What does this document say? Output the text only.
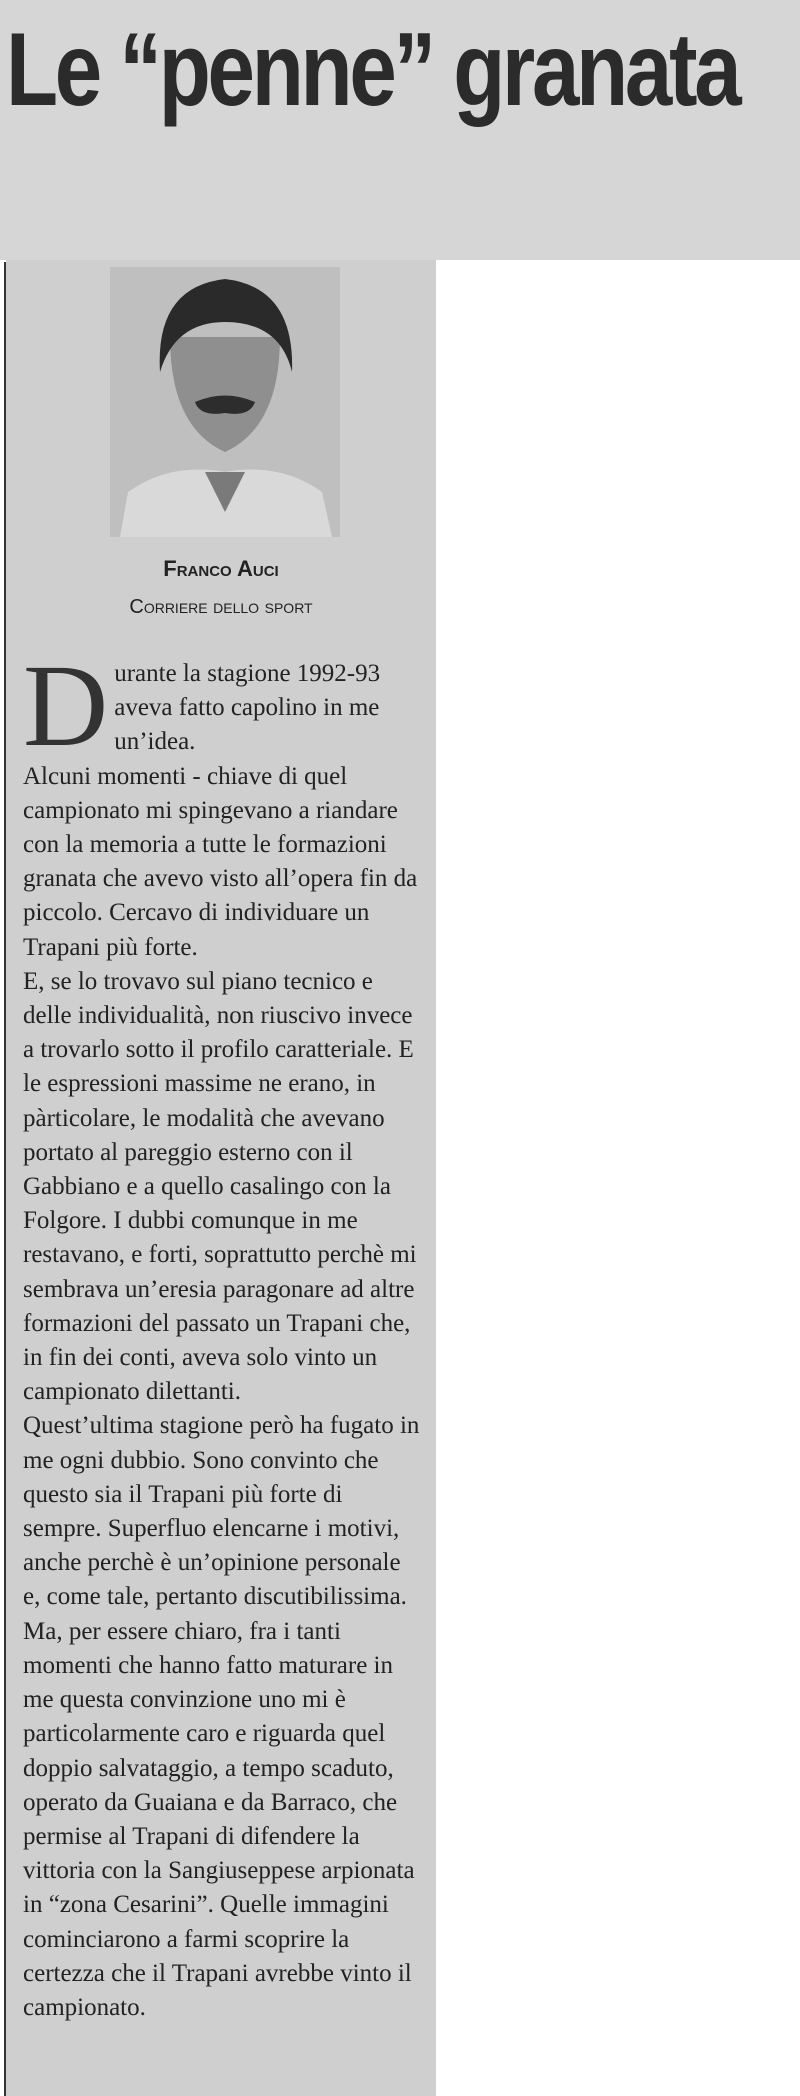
Le “penne” granata
Franco Auci
Corriere dello sport

Durante la stagione 1992-93 aveva fatto capolino in me un’idea.

Alcuni momenti - chiave di quel campionato mi spingevano a riandare con la memoria a tutte le formazioni granata che avevo visto all’opera fin da piccolo. Cercavo di individuare un Trapani più forte.

E, se lo trovavo sul piano tecnico e delle individualità, non riuscivo invece a trovarlo sotto il profilo caratteriale. E le espressioni massime ne erano, in pàrticolare, le modalità che avevano portato al pareggio esterno con il Gabbiano e a quello casalingo con la Folgore. I dubbi comunque in me restavano, e forti, soprattutto perchè mi sembrava un’eresia paragonare ad altre formazioni del passato un Trapani che, in fin dei conti, aveva solo vinto un campionato dilettanti.

Quest’ultima stagione però ha fugato in me ogni dubbio. Sono convinto che questo sia il Trapani più forte di sempre. Superfluo elencarne i motivi, anche perchè è un’opinione personale e, come tale, pertanto discutibilissima. Ma, per essere chiaro, fra i tanti momenti che hanno fatto maturare in me questa convinzione uno mi è particolarmente caro e riguarda quel doppio salvataggio, a tempo scaduto, operato da Guaiana e da Barraco, che permise al Trapani di difendere la vittoria con la Sangiuseppese arpionata in “zona Cesarini”. Quelle immagini cominciarono a farmi scoprire la certezza che il Trapani avrebbe vinto il campionato.
